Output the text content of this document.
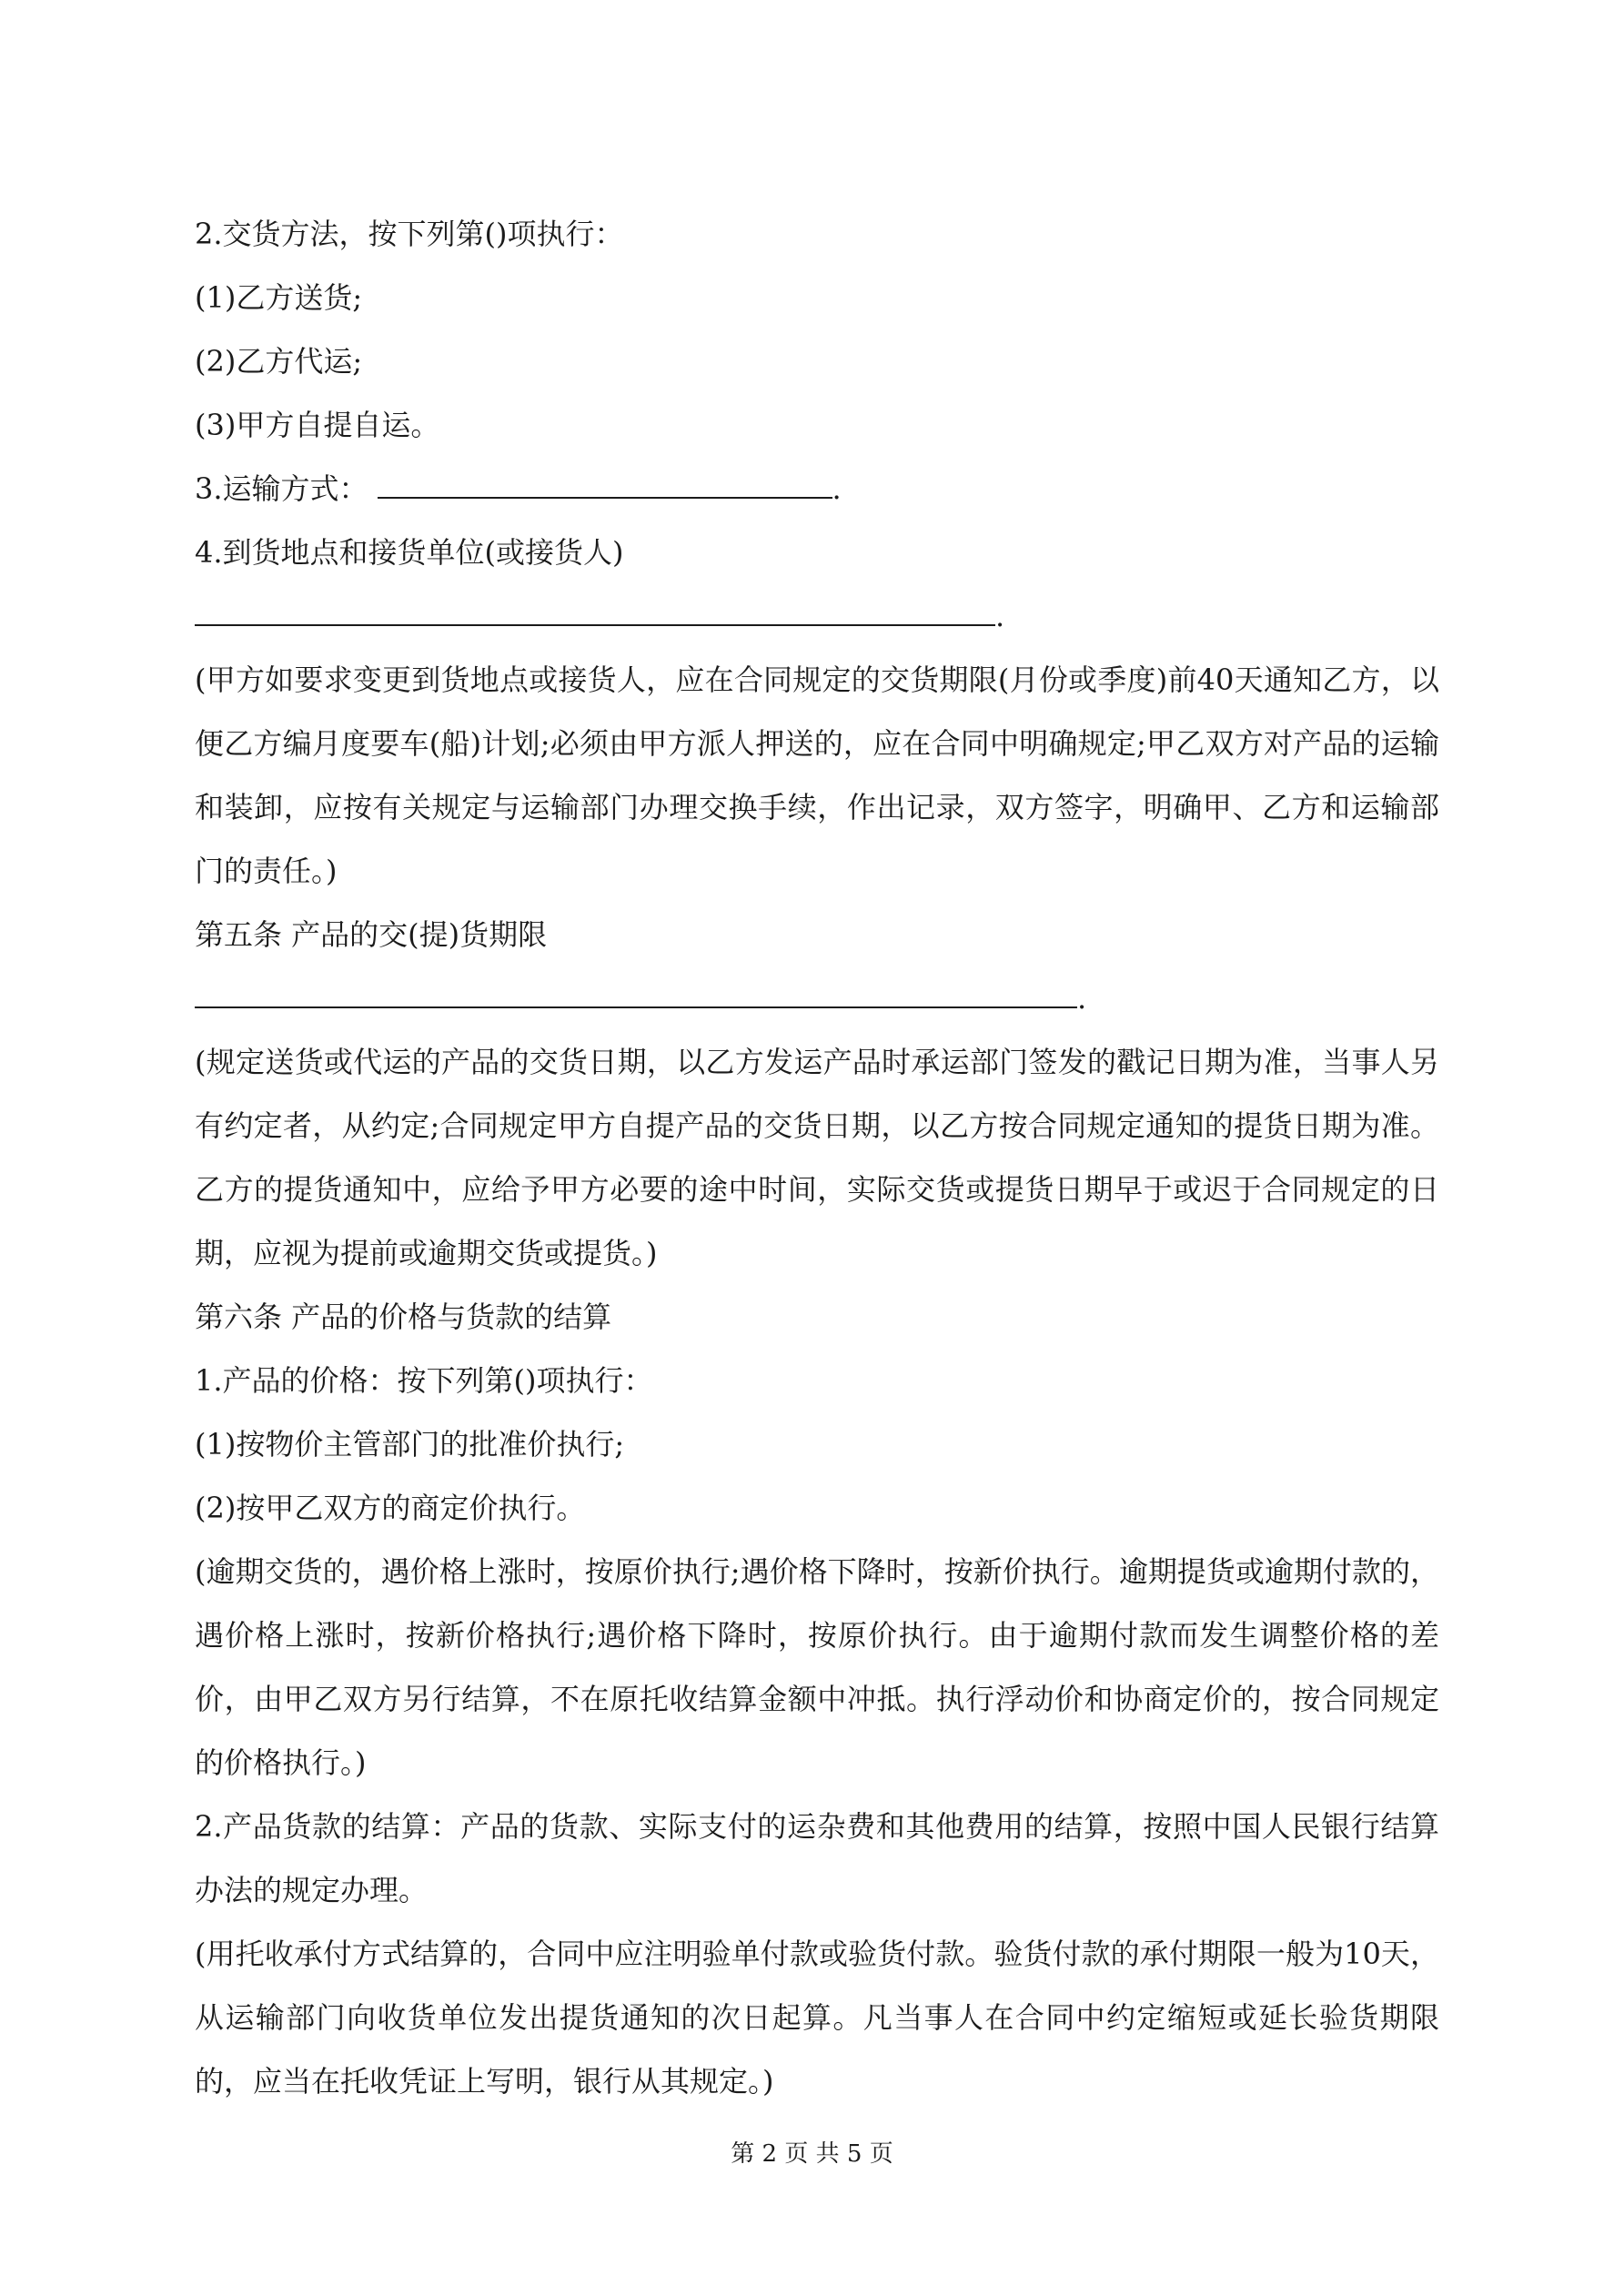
2.交货方法，按下列第()项执行：

(1)乙方送货;

(2)乙方代运;

(3)甲方自提自运。

3.运输方式：	.

4.到货地点和接货单位(或接货人)

.

(甲方如要求变更到货地点或接货人，应在合同规定的交货期限(月份或季度)前40天通知乙方，以便乙方编月度要车(船)计划;必须由甲方派人押送的，应在合同中明确规定;甲乙双方对产品的运输和装卸，应按有关规定与运输部门办理交换手续，作出记录，双方签字，明确甲、乙方和运输部门的责任。)

第五条 产品的交(提)货期限

.

(规定送货或代运的产品的交货日期，以乙方发运产品时承运部门签发的戳记日期为准，当事人另有约定者，从约定;合同规定甲方自提产品的交货日期，以乙方按合同规定通知的提货日期为准。乙方的提货通知中，应给予甲方必要的途中时间，实际交货或提货日期早于或迟于合同规定的日期，应视为提前或逾期交货或提货。)

第六条 产品的价格与货款的结算

1.产品的价格：按下列第()项执行：

(1)按物价主管部门的批准价执行;

(2)按甲乙双方的商定价执行。

(逾期交货的，遇价格上涨时，按原价执行;遇价格下降时，按新价执行。逾期提货或逾期付款的，遇价格上涨时，按新价格执行;遇价格下降时，按原价执行。由于逾期付款而发生调整价格的差价，由甲乙双方另行结算，不在原托收结算金额中冲抵。执行浮动价和协商定价的，按合同规定的价格执行。)

2.产品货款的结算：产品的货款、实际支付的运杂费和其他费用的结算，按照中国人民银行结算办法的规定办理。

(用托收承付方式结算的，合同中应注明验单付款或验货付款。验货付款的承付期限一般为10天，从运输部门向收货单位发出提货通知的次日起算。凡当事人在合同中约定缩短或延长验货期限的，应当在托收凭证上写明，银行从其规定。)

第 2 页 共 5 页
